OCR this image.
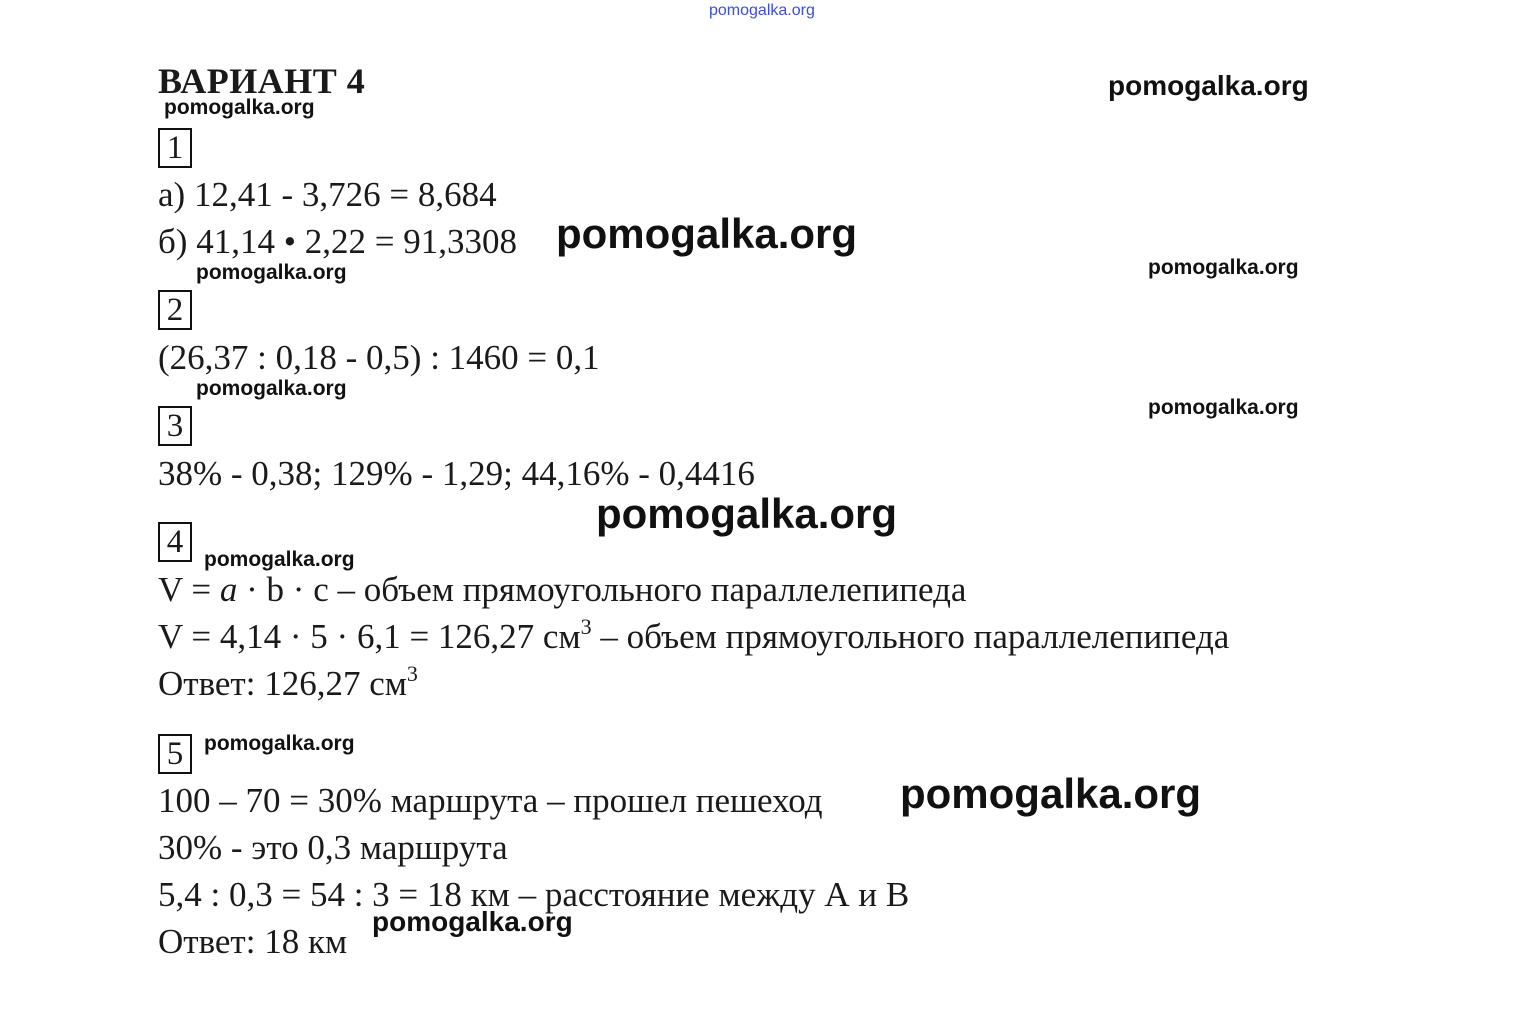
pomogalka.org
ВАРИАНТ 4
pomogalka.org
pomogalka.org
1
а) 12,41 - 3,726 = 8,684
б) 41,14 • 2,22 = 91,3308 pomogalka.org
pomogalka.org	pomogalka.org
2
(26,37 : 0,18 - 0,5) : 1460 = 0,1
pomogalka.org
pomogalka.org
3
38% - 0,38; 129% - 1,29; 44,16% - 0,4416
pomogalka.org
4 pomogalka.org
V = a · b · c – объем прямоугольного параллелепипеда
V = 4,14 · 5 · 6,1 = 126,27 $см^3$ – объем прямоугольного параллелепипеда
Ответ: 126,27 $см^3$
5 pomogalka.org
100 – 70 = 30% маршрута – прошел пешеход pomogalka.org
30% - это 0,3 маршрута
5,4 : 0,3 = 54 : 3 = 18 км – расстояние между А и В
Ответ: 18 км
pomogalka.org
